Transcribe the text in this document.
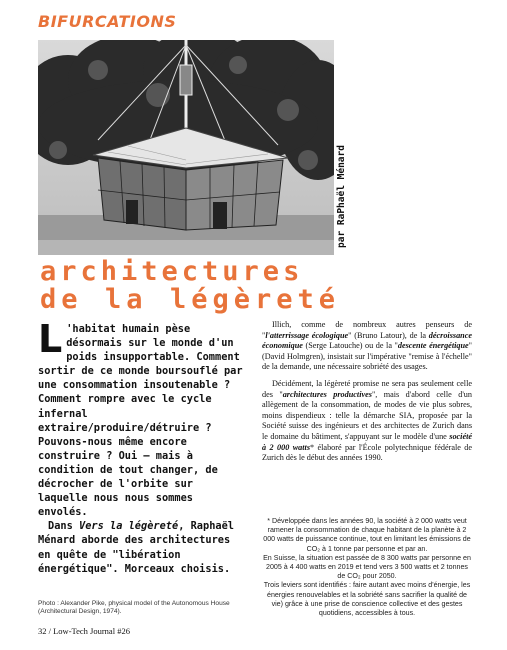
BIFURCATIONS
par RaPhaël Ménard
architectures
de la légèreté
L 'habitat humain pèse désormais sur le monde d'un poids insupportable. Comment sortir de ce monde boursouflé par une consommation insoutenable ? Comment rompre avec le cycle infernal extraire/produire/détruire ? Pouvons-nous même encore construire ? Oui – mais à condition de tout changer, de décrocher de l'orbite sur laquelle nous nous sommes envolés.

Dans Vers la légèreté, Raphaël Ménard aborde des architectures en quête de "libération énergétique". Morceaux choisis.

Photo : Alexander Pike, physical model of the Autonomous House (Architectural Design, 1974).

Illich, comme de nombreux autres penseurs de "l'atterrissage écologique" (Bruno Latour), de la décroissance économique (Serge Latouche) ou de la "descente énergétique" (David Holmgren), insistait sur l'impérative "remise à l'échelle" de la demande, une nécessaire sobriété des usages.

Décidément, la légèreté promise ne sera pas seulement celle des "architectures productives", mais d'abord celle d'un allègement de la consommation, de modes de vie plus sobres, moins dispendieux : telle la démarche SIA, proposée par la Société suisse des ingénieurs et des architectes de Zurich dans le domaine du bâtiment, s'appuyant sur le modèle d'une société à 2 000 watts* élaboré par l'École polytechnique fédérale de Zurich dès le début des années 1990.

* Développée dans les années 90, la société à 2 000 watts veut ramener la consommation de chaque habitant de la planète à 2 000 watts de puissance continue, tout en limitant les émissions de CO₂ à 1 tonne par personne et par an.

En Suisse, la situation est passée de 8 300 watts par personne en 2005 à 4 400 watts en 2019 et tend vers 3 500 watts et 2 tonnes de CO₂ pour 2050.

Trois leviers sont identifiés : faire autant avec moins d'énergie, les énergies renouvelables et la sobriété sans sacrifier la qualité de vie) grâce à une prise de conscience collective et des gestes quotidiens, accessibles à tous.

32 / Low-Tech Journal #26
